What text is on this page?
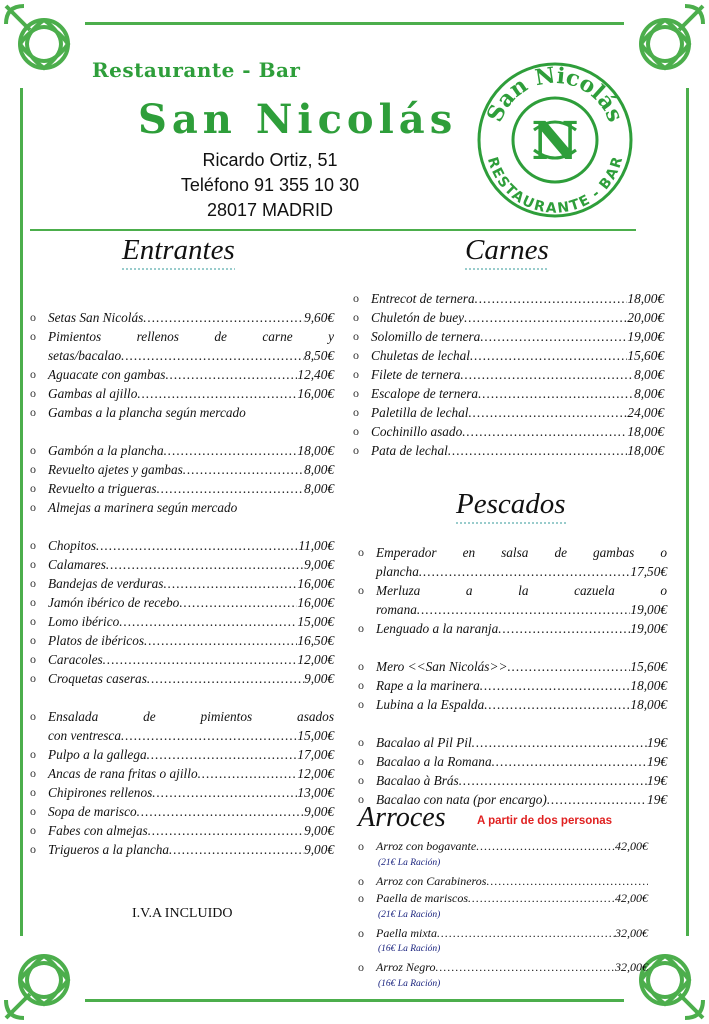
Restaurante - Bar
San Nicolás
Ricardo Ortiz, 51
Teléfono 91 355 10 30
28017 MADRID
San Nicolás
RESTAURANTE - BAR
N
Entrantes	Carnes
Pescados
o Setas San Nicolás .....	9,60€
o Pimientos	rellenos	de	carne	y
setas/bacalao .....	8,50€
o Aguacate con gambas .....	12,40€
o Gambas al ajillo .....	16,00€
o Gambas a la plancha según mercado
o Gambón a la plancha .....	18,00€
o Revuelto ajetes y gambas .....	8,00€
o Revuelto a trigueras .....	8,00€
o Almejas a marinera según mercado
o Chopitos .....	11,00€
o Calamares .....	9,00€
o Bandejas de verduras .....	16,00€
o Jamón ibérico de recebo .....	16,00€
o Lomo ibérico .....	15,00€
o Platos de ibéricos .....	16,50€
o Caracoles .....	12,00€
o Croquetas caseras .....	9,00€
o Ensalada	de	pimientos	asados
con ventresca .....	15,00€
o Pulpo a la gallega .....	17,00€
o Ancas de rana fritas o ajillo .....	12,00€
o Chipirones rellenos .....	13,00€
o Sopa de marisco .....	9,00€
o Fabes con almejas .....	9,00€
o Trigueros a la plancha .....	9,00€
I.V.A INCLUIDO
o Entrecot de ternera .....	18,00€
o Chuletón de buey .....	20,00€
o Solomillo de ternera .....	19,00€
o Chuletas de lechal .....	15,60€
o Filete de ternera .....	8,00€
o Escalope de ternera .....	8,00€
o Paletilla de lechal .....	24,00€
o Cochinillo asado .....	18,00€
o Pata de lechal .....	18,00€
o Emperador en salsa de gambas o
plancha .....	17,50€
o Merluza	a	la	cazuela	o
romana .....	19,00€
o Lenguado a la naranja .....	19,00€
o Mero <<San Nicolás>> .....	15,60€
o Rape a la marinera .....	18,00€
o Lubina a la Espalda .....	18,00€
o Bacalao al Pil Pil .....	19€
o Bacalao a la Romana .....	19€
o Bacalao à Brás .....	19€
o Bacalao con nata (por encargo) .....	19€
Arroces	A partir de dos personas
o Arroz con bogavante .....	42,00€
(21€ La Ración)
o Arroz con Carabineros
.....
o Paella de mariscos .....	42,00€
(21€ La Ración)
o Paella mixta .....	32,00€
(16€ La Ración)
o Arroz Negro .....	32,00€
(16€ La Ración)
